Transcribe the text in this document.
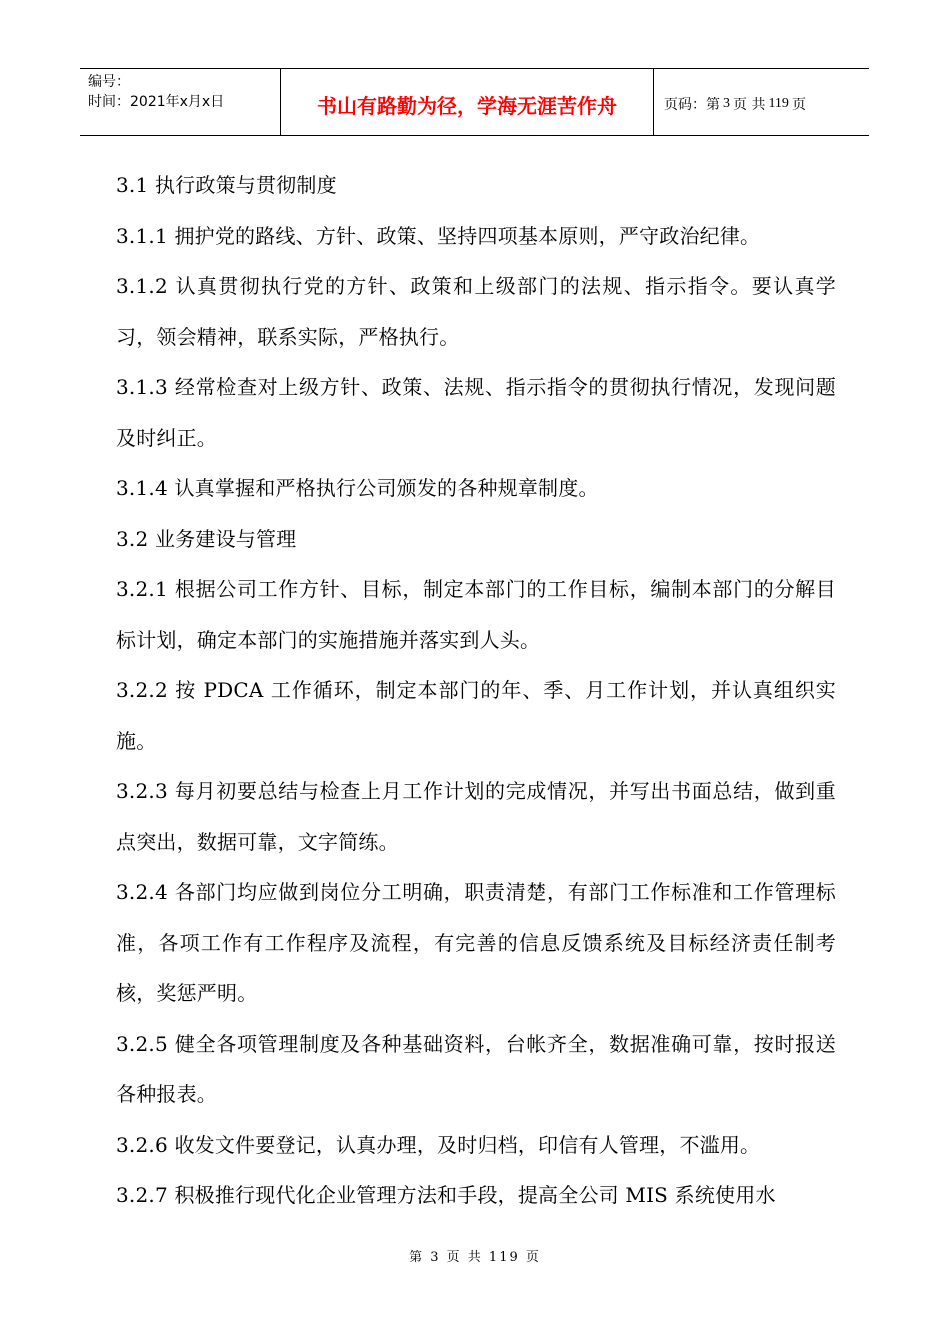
编号：
时间：2021年x月x日	书山有路勤为径，学海无涯苦作舟	页码：第 3 页 共 119 页

3.1 执行政策与贯彻制度

3.1.1 拥护党的路线、方针、政策、坚持四项基本原则，严守政治纪律。

3.1.2 认真贯彻执行党的方针、政策和上级部门的法规、指示指令。要认真学习，领会精神，联系实际，严格执行。

3.1.3 经常检查对上级方针、政策、法规、指示指令的贯彻执行情况，发现问题及时纠正。

3.1.4 认真掌握和严格执行公司颁发的各种规章制度。

3.2 业务建设与管理

3.2.1 根据公司工作方针、目标，制定本部门的工作目标，编制本部门的分解目标计划，确定本部门的实施措施并落实到人头。

3.2.2 按 PDCA 工作循环，制定本部门的年、季、月工作计划，并认真组织实施。

3.2.3 每月初要总结与检查上月工作计划的完成情况，并写出书面总结，做到重点突出，数据可靠，文字简练。

3.2.4 各部门均应做到岗位分工明确，职责清楚，有部门工作标准和工作管理标准，各项工作有工作程序及流程，有完善的信息反馈系统及目标经济责任制考核，奖惩严明。

3.2.5 健全各项管理制度及各种基础资料，台帐齐全，数据准确可靠，按时报送各种报表。

3.2.6 收发文件要登记，认真办理，及时归档，印信有人管理，不滥用。

3.2.7 积极推行现代化企业管理方法和手段，提高全公司 MIS 系统使用水

第 3 页 共 119 页
